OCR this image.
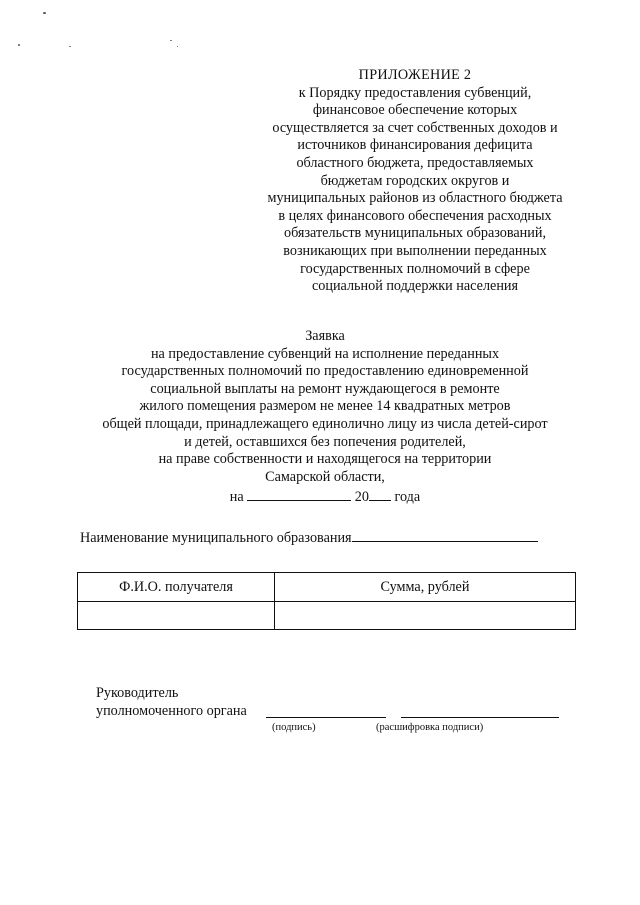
ПРИЛОЖЕНИЕ 2
к Порядку предоставления субвенций,
финансовое обеспечение которых
осуществляется за счет собственных доходов и
источников финансирования дефицита
областного бюджета, предоставляемых
бюджетам городских округов и
муниципальных районов из областного бюджета
в целях финансового обеспечения расходных
обязательств муниципальных образований,
возникающих при выполнении переданных
государственных полномочий в сфере
социальной поддержки населения
Заявка
на предоставление субвенций на исполнение переданных
государственных полномочий по предоставлению единовременной
социальной выплаты на ремонт нуждающегося в ремонте
жилого помещения размером не менее 14 квадратных метров
общей площади, принадлежащего единолично лицу из числа детей-сирот
и детей, оставшихся без попечения родителей,
на праве собственности и находящегося на территории
Самарской области,
на	20 года
Наименование муниципального образования
Ф.И.О. получателя	Сумма, рублей

Руководитель
уполномоченного органа
(подпись)	(расшифровка подписи)
